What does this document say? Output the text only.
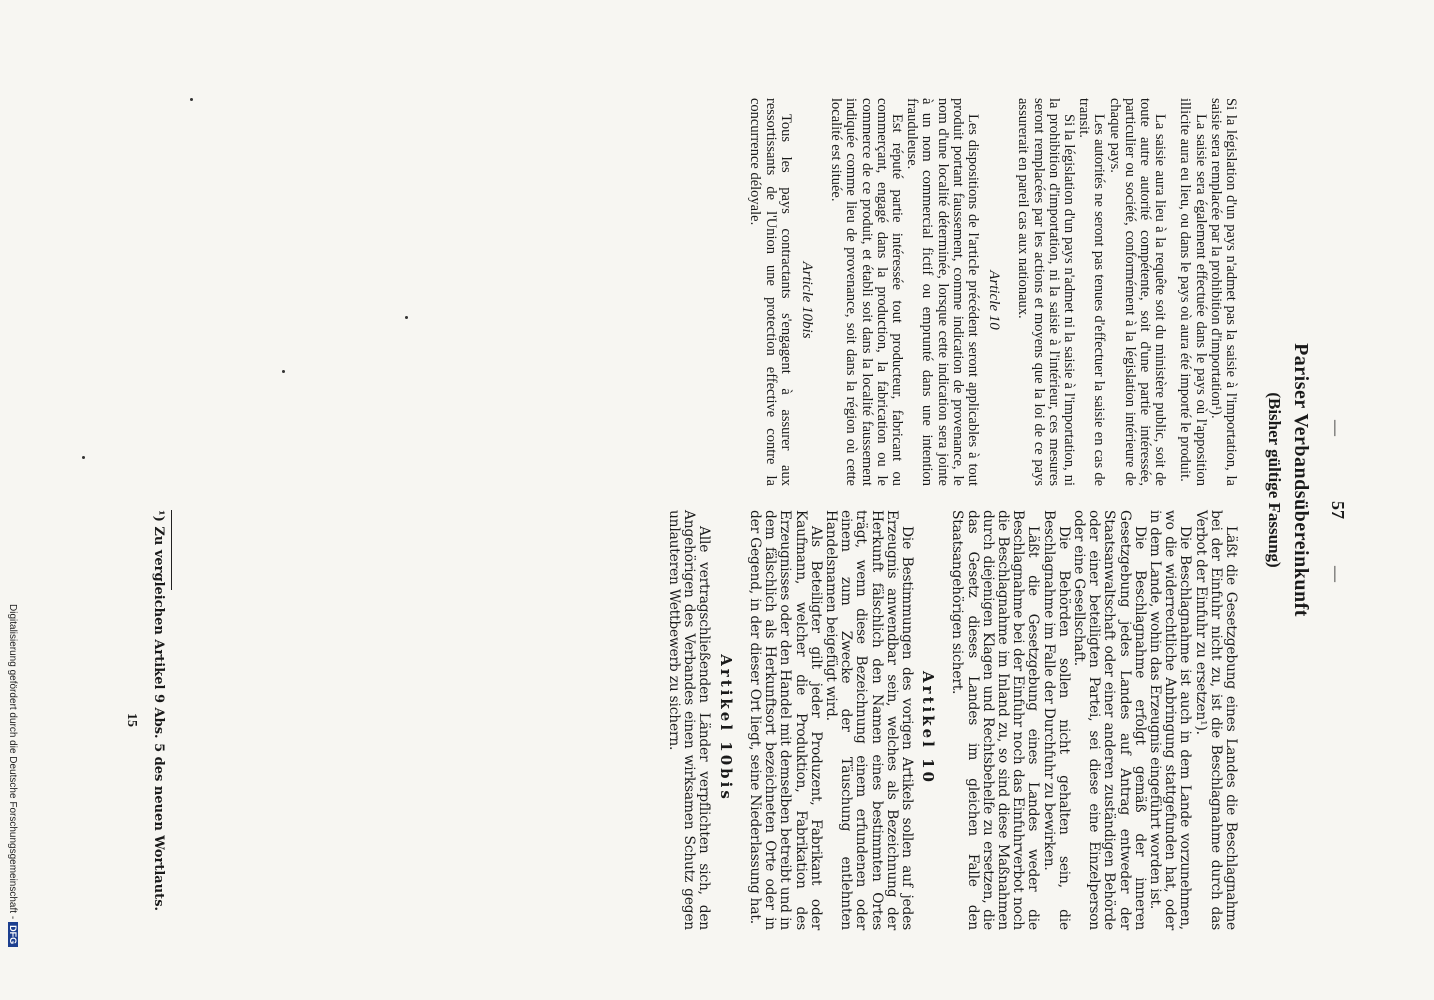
—
57
—
Pariser Verbandsübereinkunft
(Bisher gültige Fassung)

Si la législation d'un pays n'admet pas la saisie à l'importation, la saisie sera remplacée par la prohibition d'importation¹).

La saisie sera également effectuée dans le pays où l'apposition illicite aura eu lieu, ou dans le pays où aura été importé le produit.

La saisie aura lieu à la requête soit du ministère public, soit de toute autre autorité compétente, soit d'une partie intéressée, particulier ou société, conformément à la législation intérieure de chaque pays.

Les autorités ne seront pas tenues d'effectuer la saisie en cas de transit.

Si la législation d'un pays n'admet ni la saisie à l'importation, ni la prohibition d'importation, ni la saisie à l'intérieur, ces mesures seront remplacées par les actions et moyens que la loi de ce pays assurerait en pareil cas aux nationaux.

Article 10

Les dispositions de l'article précédent seront applicables à tout produit portant faussement, comme indication de provenance, le nom d'une localité déterminée, lorsque cette indication sera jointe à un nom commercial fictif ou emprunté dans une intention frauduleuse.

Est réputé partie intéressée tout producteur, fabricant ou commerçant, engagé dans la production, la fabrication ou le commerce de ce produit, et établi soit dans la localité faussement indiquée comme lieu de provenance, soit dans la région où cette localité est située.

Article 10bis

Tous les pays contractants s'engagent à assurer aux ressortissants de l'Union une protection effective contre la concurrence déloyale.

Läßt die Gesetzgebung eines Landes die Beschlagnahme bei der Einfuhr nicht zu, ist die Beschlagnahme durch das Verbot der Einfuhr zu ersetzen¹).

Die Beschlagnahme ist auch in dem Lande vorzunehmen, wo die widerrechtliche Anbringung stattgefunden hat, oder in dem Lande, wohin das Erzeugnis eingeführt worden ist.

Die Beschlagnahme erfolgt gemäß der inneren Gesetzgebung jedes Landes auf Antrag entweder der Staatsanwaltschaft oder einer anderen zuständigen Behörde oder einer beteiligten Partei, sei diese eine Einzelperson oder eine Gesellschaft.

Die Behörden sollen nicht gehalten sein, die Beschlagnahme im Falle der Durchfuhr zu bewirken.

Läßt die Gesetzgebung eines Landes weder die Beschlagnahme bei der Einfuhr noch das Einfuhrverbot noch die Beschlagnahme im Inland zu, so sind diese Maßnahmen durch diejenigen Klagen und Rechtsbehelfe zu ersetzen, die das Gesetz dieses Landes im gleichen Falle den Staatsangehörigen sichert.

Artikel 10

Die Bestimmungen des vorigen Artikels sollen auf jedes Erzeugnis anwendbar sein, welches als Bezeichnung der Herkunft fälschlich den Namen eines bestimmten Ortes trägt, wenn diese Bezeichnung einem erfundenen oder einem zum Zwecke der Täuschung entlehnten Handelsnamen beigefügt wird.

Als Beteiligter gilt jeder Produzent, Fabrikant oder Kaufmann, welcher die Produktion, Fabrikation des Erzeugnisses oder den Handel mit demselben betreibt und in dem fälschlich als Herkunftsort bezeichneten Orte oder in der Gegend, in der dieser Ort liegt, seine Niederlassung hat.

Artikel 10bis

Alle vertragschließenden Länder verpflichten sich, den Angehörigen des Verbandes einen wirksamen Schutz gegen unlauteren Wettbewerb zu sichern.

¹) Zu vergleichen Artikel 9 Abs. 5 des neuen Wortlauts.
15
Digitalisierung gefördert durch die Deutsche Forschungsgemeinschaft -DFG
